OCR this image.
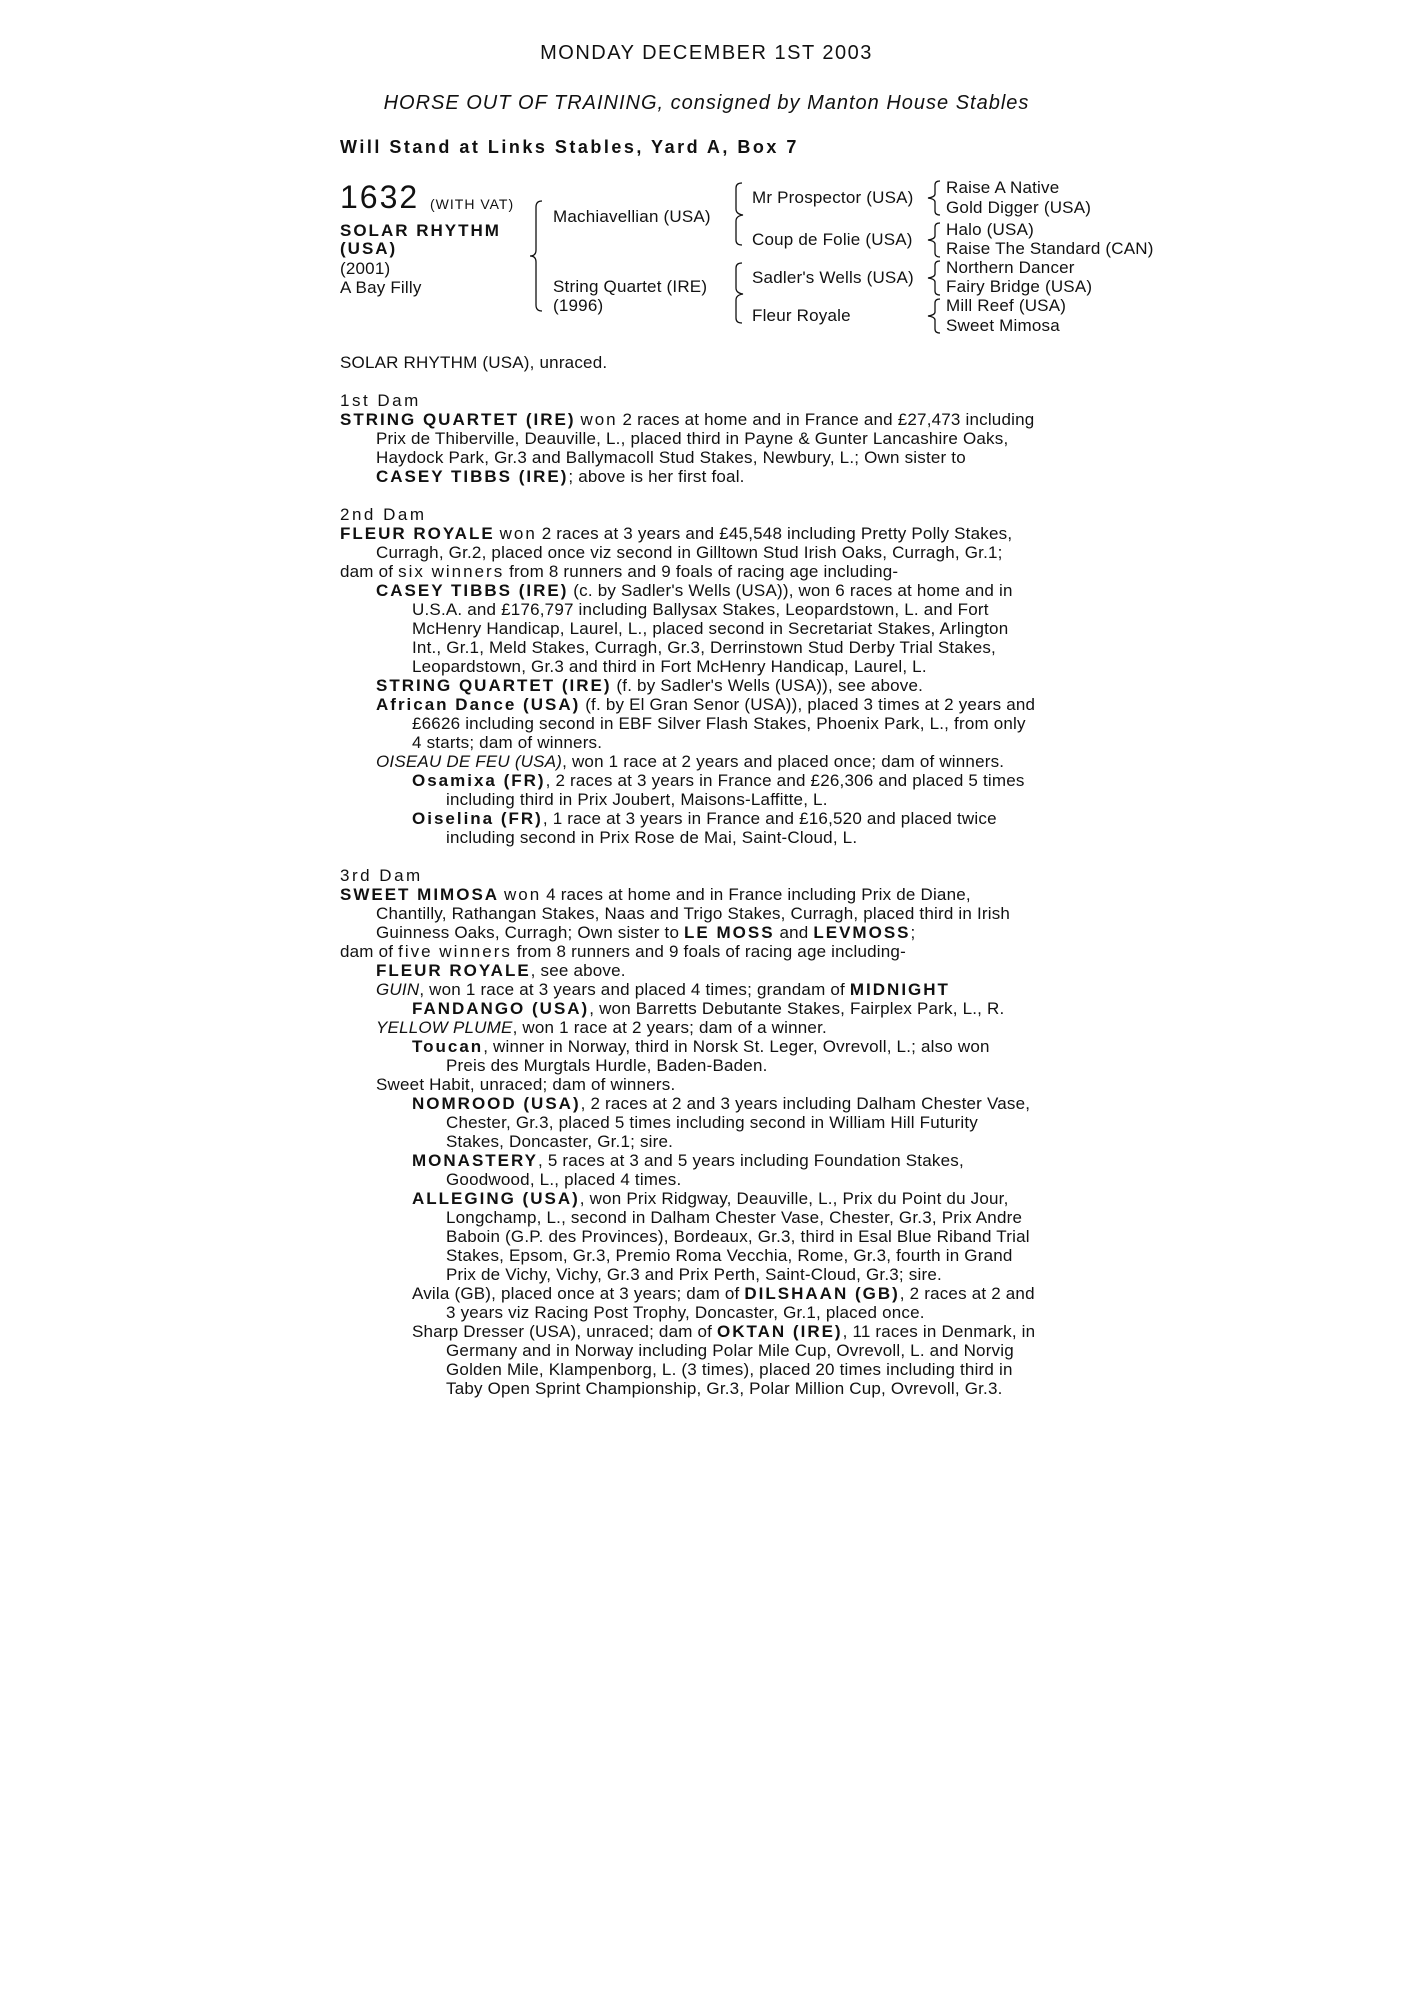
MONDAY DECEMBER 1ST 2003
HORSE OUT OF TRAINING, consigned by Manton House Stables
Will Stand at Links Stables, Yard A, Box 7
1632 (WITH VAT)
SOLAR RHYTHM
(USA)
(2001)
A Bay Filly
Machiavellian (USA)
String Quartet (IRE)
(1996)
Mr Prospector (USA)
Coup de Folie (USA)
Sadler's Wells (USA)
Fleur Royale
Raise A Native
Gold Digger (USA)
Halo (USA)
Raise The Standard (CAN)
Northern Dancer
Fairy Bridge (USA)
Mill Reef (USA)
Sweet Mimosa
SOLAR RHYTHM (USA), unraced.

1st Dam

STRING QUARTET (IRE) won 2 races at home and in France and £27,473 including

Prix de Thiberville, Deauville, L., placed third in Payne & Gunter Lancashire Oaks,

Haydock Park, Gr.3 and Ballymacoll Stud Stakes, Newbury, L.; Own sister to

CASEY TIBBS (IRE); above is her first foal.

2nd Dam

FLEUR ROYALE won 2 races at 3 years and £45,548 including Pretty Polly Stakes,

Curragh, Gr.2, placed once viz second in Gilltown Stud Irish Oaks, Curragh, Gr.1;

dam of six winners from 8 runners and 9 foals of racing age including-

CASEY TIBBS (IRE) (c. by Sadler's Wells (USA)), won 6 races at home and in

U.S.A. and £176,797 including Ballysax Stakes, Leopardstown, L. and Fort

McHenry Handicap, Laurel, L., placed second in Secretariat Stakes, Arlington

Int., Gr.1, Meld Stakes, Curragh, Gr.3, Derrinstown Stud Derby Trial Stakes,

Leopardstown, Gr.3 and third in Fort McHenry Handicap, Laurel, L.

STRING QUARTET (IRE) (f. by Sadler's Wells (USA)), see above.

African Dance (USA) (f. by El Gran Senor (USA)), placed 3 times at 2 years and

£6626 including second in EBF Silver Flash Stakes, Phoenix Park, L., from only

4 starts; dam of winners.

OISEAU DE FEU (USA), won 1 race at 2 years and placed once; dam of winners.

Osamixa (FR), 2 races at 3 years in France and £26,306 and placed 5 times

including third in Prix Joubert, Maisons-Laffitte, L.

Oiselina (FR), 1 race at 3 years in France and £16,520 and placed twice

including second in Prix Rose de Mai, Saint-Cloud, L.

3rd Dam

SWEET MIMOSA won 4 races at home and in France including Prix de Diane,

Chantilly, Rathangan Stakes, Naas and Trigo Stakes, Curragh, placed third in Irish

Guinness Oaks, Curragh; Own sister to LE MOSS and LEVMOSS;

dam of five winners from 8 runners and 9 foals of racing age including-

FLEUR ROYALE, see above.

GUIN, won 1 race at 3 years and placed 4 times; grandam of MIDNIGHT

FANDANGO (USA), won Barretts Debutante Stakes, Fairplex Park, L., R.

YELLOW PLUME, won 1 race at 2 years; dam of a winner.

Toucan, winner in Norway, third in Norsk St. Leger, Ovrevoll, L.; also won

Preis des Murgtals Hurdle, Baden-Baden.

Sweet Habit, unraced; dam of winners.

NOMROOD (USA), 2 races at 2 and 3 years including Dalham Chester Vase,

Chester, Gr.3, placed 5 times including second in William Hill Futurity

Stakes, Doncaster, Gr.1; sire.

MONASTERY, 5 races at 3 and 5 years including Foundation Stakes,

Goodwood, L., placed 4 times.

ALLEGING (USA), won Prix Ridgway, Deauville, L., Prix du Point du Jour,

Longchamp, L., second in Dalham Chester Vase, Chester, Gr.3, Prix Andre

Baboin (G.P. des Provinces), Bordeaux, Gr.3, third in Esal Blue Riband Trial

Stakes, Epsom, Gr.3, Premio Roma Vecchia, Rome, Gr.3, fourth in Grand

Prix de Vichy, Vichy, Gr.3 and Prix Perth, Saint-Cloud, Gr.3; sire.

Avila (GB), placed once at 3 years; dam of DILSHAAN (GB), 2 races at 2 and

3 years viz Racing Post Trophy, Doncaster, Gr.1, placed once.

Sharp Dresser (USA), unraced; dam of OKTAN (IRE), 11 races in Denmark, in

Germany and in Norway including Polar Mile Cup, Ovrevoll, L. and Norvig

Golden Mile, Klampenborg, L. (3 times), placed 20 times including third in

Taby Open Sprint Championship, Gr.3, Polar Million Cup, Ovrevoll, Gr.3.
